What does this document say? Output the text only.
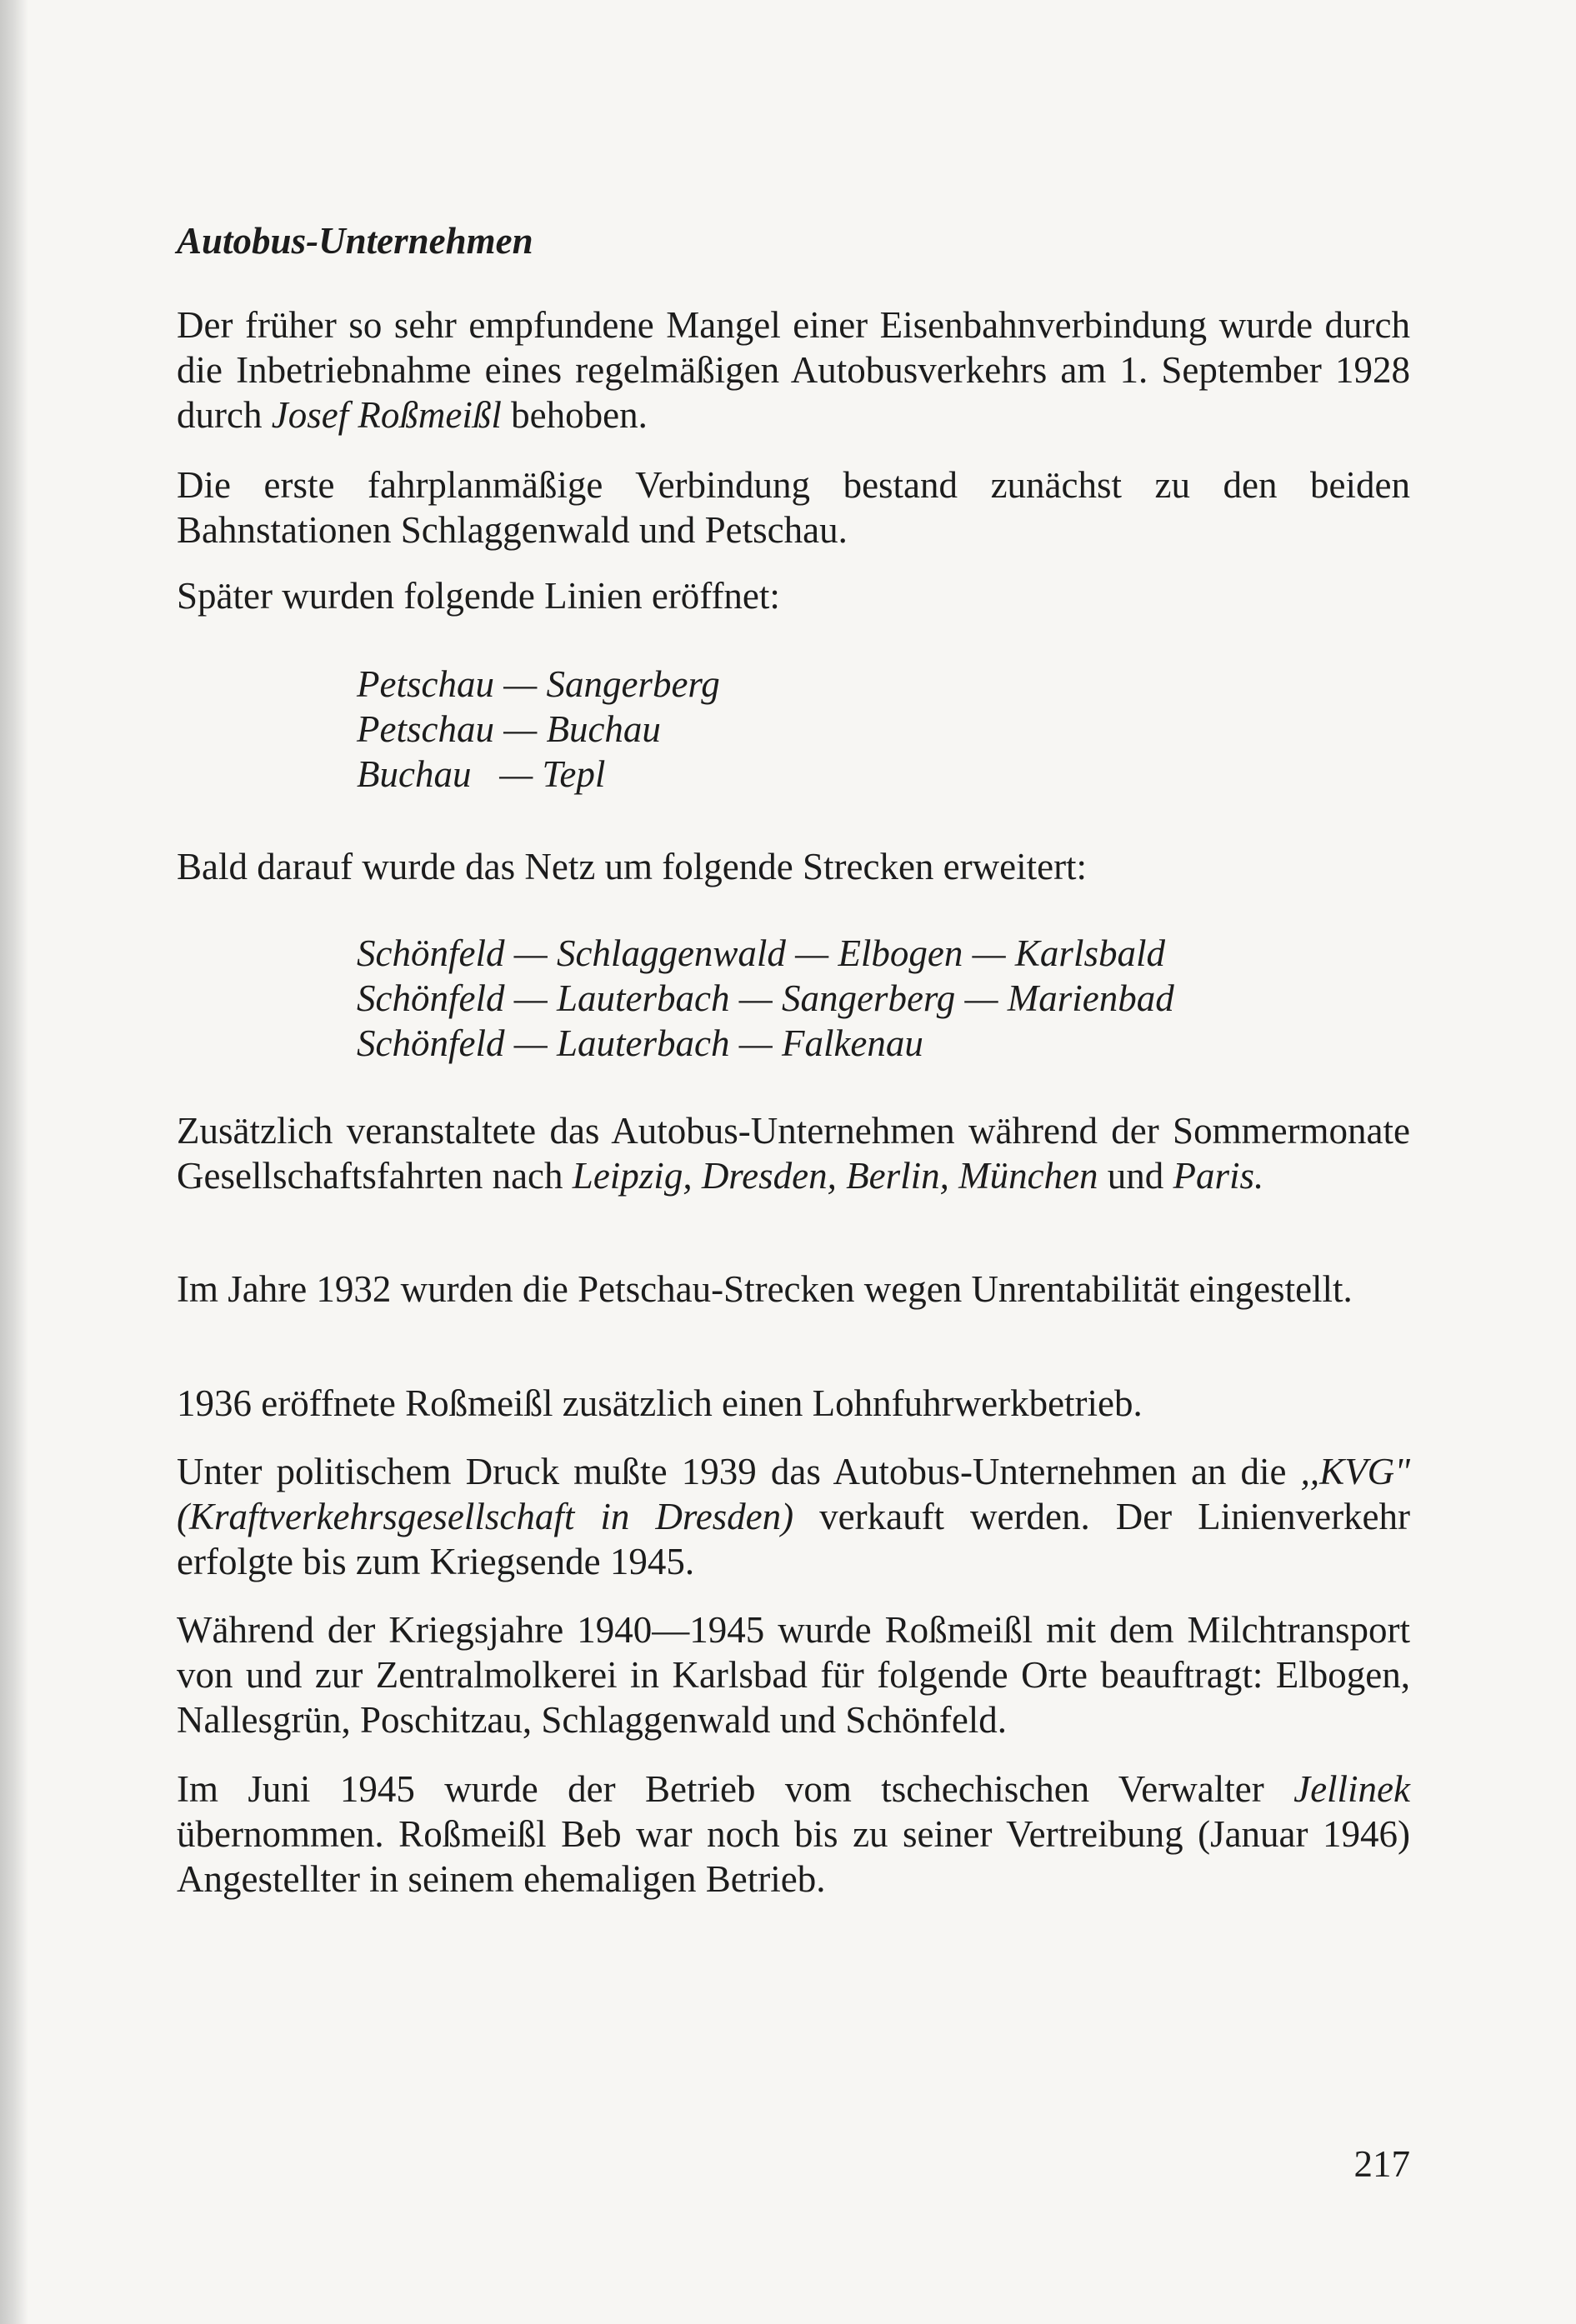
Autobus-Unternehmen

Der früher so sehr empfundene Mangel einer Eisenbahnverbindung wurde durch die Inbetriebnahme eines regelmäßigen Autobusverkehrs am 1. September 1928 durch Josef Roßmeißl behoben.

Die erste fahrplanmäßige Verbindung bestand zunächst zu den beiden Bahnstationen Schlaggenwald und Petschau.

Später wurden folgende Linien eröffnet:

Petschau — Sangerberg
Petschau — Buchau
Buchau   — Tepl

Bald darauf wurde das Netz um folgende Strecken erweitert:

Schönfeld — Schlaggenwald — Elbogen — Karlsbald
Schönfeld — Lauterbach — Sangerberg — Marienbad
Schönfeld — Lauterbach — Falkenau

Zusätzlich veranstaltete das Autobus-Unternehmen während der Sommermonate Gesellschaftsfahrten nach Leipzig, Dresden, Berlin, München und Paris.

Im Jahre 1932 wurden die Petschau-Strecken wegen Unrentabilität eingestellt.

1936 eröffnete Roßmeißl zusätzlich einen Lohnfuhrwerkbetrieb.

Unter politischem Druck mußte 1939 das Autobus-Unternehmen an die ,,KVG" (Kraftverkehrsgesellschaft in Dresden) verkauft werden. Der Linienverkehr erfolgte bis zum Kriegsende 1945.

Während der Kriegsjahre 1940—1945 wurde Roßmeißl mit dem Milchtransport von und zur Zentralmolkerei in Karlsbad für folgende Orte beauftragt: Elbogen, Nallesgrün, Poschitzau, Schlaggenwald und Schönfeld.

Im Juni 1945 wurde der Betrieb vom tschechischen Verwalter Jellinek übernommen. Roßmeißl Beb war noch bis zu seiner Vertreibung (Januar 1946) Angestellter in seinem ehemaligen Betrieb.

217
